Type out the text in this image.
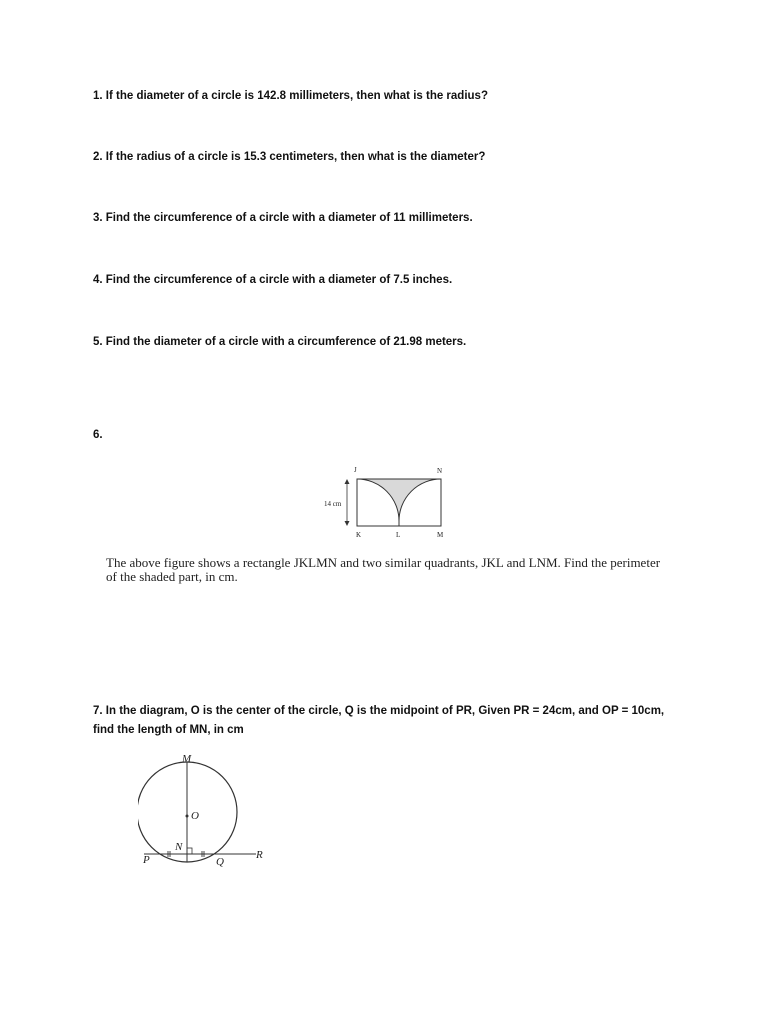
1. If the diameter of a circle is 142.8 millimeters, then what is the radius?

2. If the radius of a circle is 15.3 centimeters, then what is the diameter?

3. Find the circumference of a circle with a diameter of 11 millimeters.

4. Find the circumference of a circle with a diameter of 7.5 inches.

5. Find the diameter of a circle with a circumference of 21.98 meters.

6.

14 cm
J	N
K	L	M

The above figure shows a rectangle JKLMN and two similar quadrants, JKL and LNM. Find the perimeter of the shaded part, in cm.

7. In the diagram, O is the center of the circle, Q is the midpoint of PR, Given PR = 24cm, and OP = 10cm, find the length of MN, in cm

M
O
N
P	Q
R
